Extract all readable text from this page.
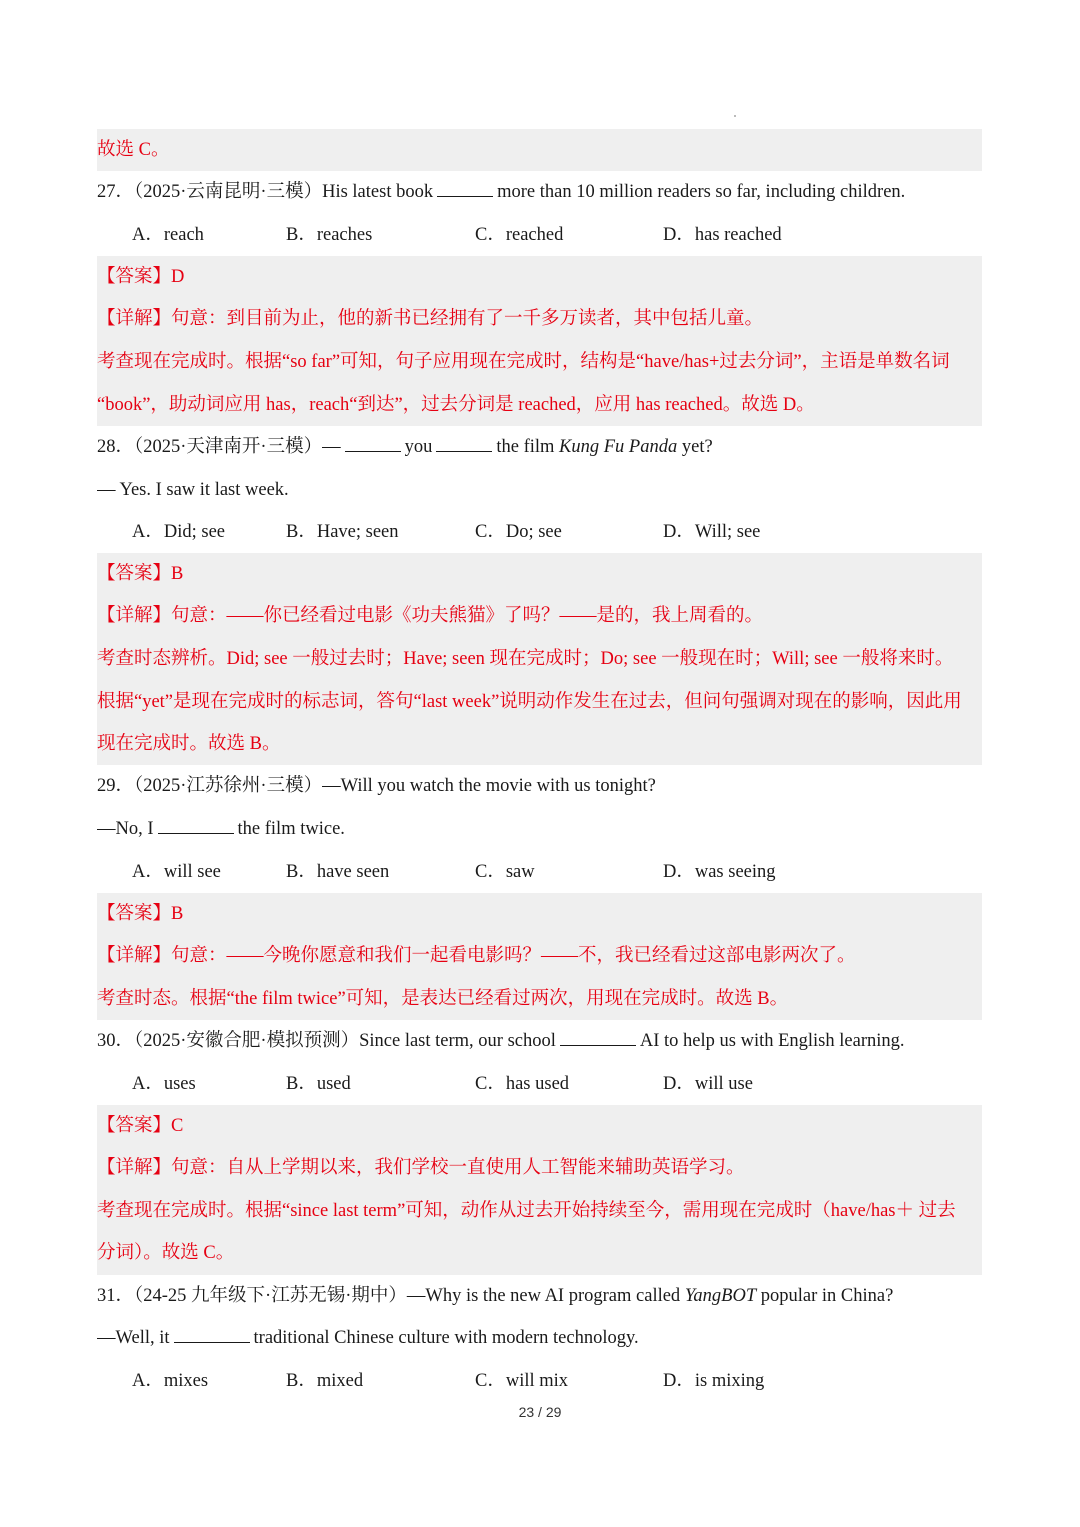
故选 C。
27．（2025·云南昆明·三模）His latest book	more than 10 million readers so far, including children.
A．reach	B．reaches	C．reached	D．has reached
【答案】D
【详解】句意：到目前为止，他的新书已经拥有了一千多万读者，其中包括儿童。
考查现在完成时。根据“so far”可知，句子应用现在完成时，结构是“have/has+过去分词”，主语是单数名词
“book”，助动词应用 has，reach“到达”，过去分词是 reached，应用 has reached。故选 D。
28．（2025·天津南开·三模）—	you	the film Kung Fu Panda yet?
— Yes. I saw it last week.
A．Did; see	B．Have; seen	C．Do; see	D．Will; see
【答案】B
【详解】句意：——你已经看过电影《功夫熊猫》了吗？——是的，我上周看的。
考查时态辨析。Did; see 一般过去时；Have; seen 现在完成时；Do; see 一般现在时；Will; see 一般将来时。
根据“yet”是现在完成时的标志词，答句“last week”说明动作发生在过去，但问句强调对现在的影响，因此用
现在完成时。故选 B。
29．（2025·江苏徐州·三模）—Will you watch the movie with us tonight?
—No, I	the film twice.
A．will see	B．have seen	C．saw	D．was seeing
【答案】B
【详解】句意：——今晚你愿意和我们一起看电影吗？——不，我已经看过这部电影两次了。
考查时态。根据“the film twice”可知，是表达已经看过两次，用现在完成时。故选 B。
30．（2025·安徽合肥·模拟预测）Since last term, our school	AI to help us with English learning.
A．uses	B．used	C．has used	D．will use
【答案】C
【详解】句意：自从上学期以来，我们学校一直使用人工智能来辅助英语学习。
考查现在完成时。根据“since last term”可知，动作从过去开始持续至今，需用现在完成时（have/has＋ 过去
分词）。故选 C。
31．（24-25 九年级下·江苏无锡·期中）—Why is the new AI program called YangBOT popular in China?
—Well, it	traditional Chinese culture with modern technology.
A．mixes	B．mixed	C．will mix	D．is mixing
23 / 29
